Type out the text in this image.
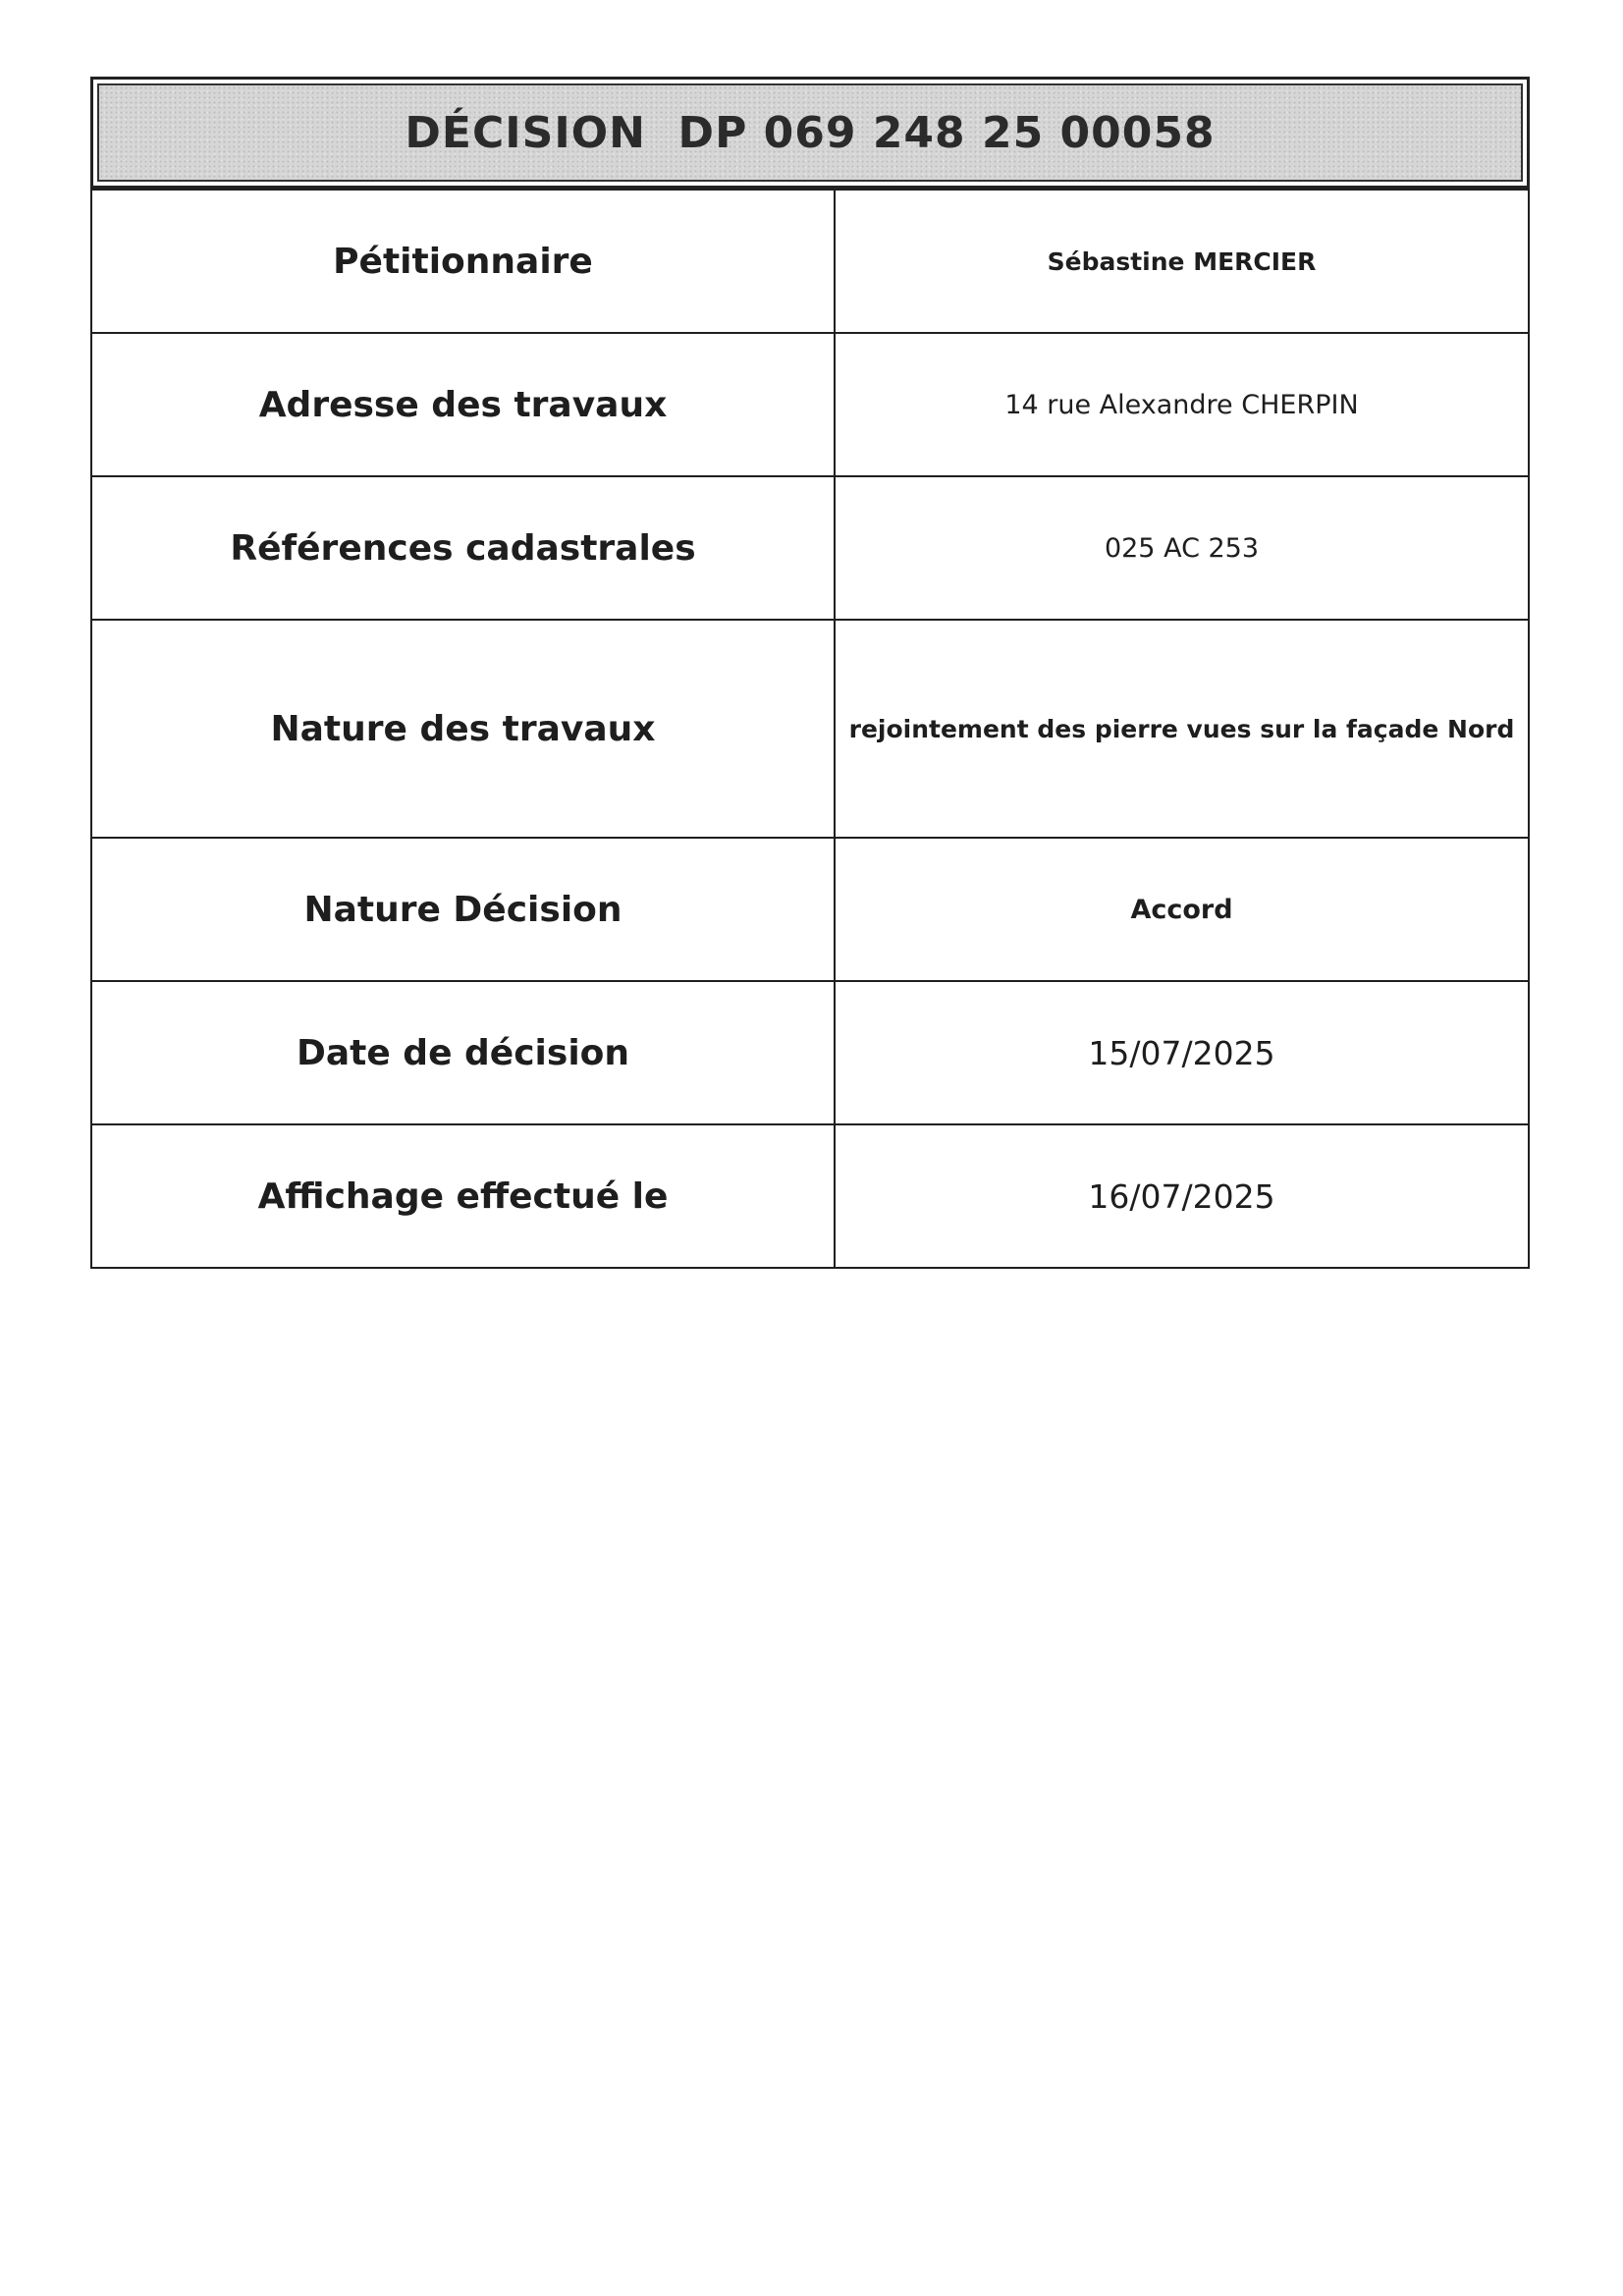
DÉCISION  DP 069 248 25 00058
Pétitionnaire	Sébastine MERCIER
Adresse des travaux	14 rue Alexandre CHERPIN
Références cadastrales	025 AC 253
Nature des travaux	rejointement des pierre vues sur la façade Nord
Nature Décision	Accord
Date de décision	15/07/2025
Affichage effectué le	16/07/2025
